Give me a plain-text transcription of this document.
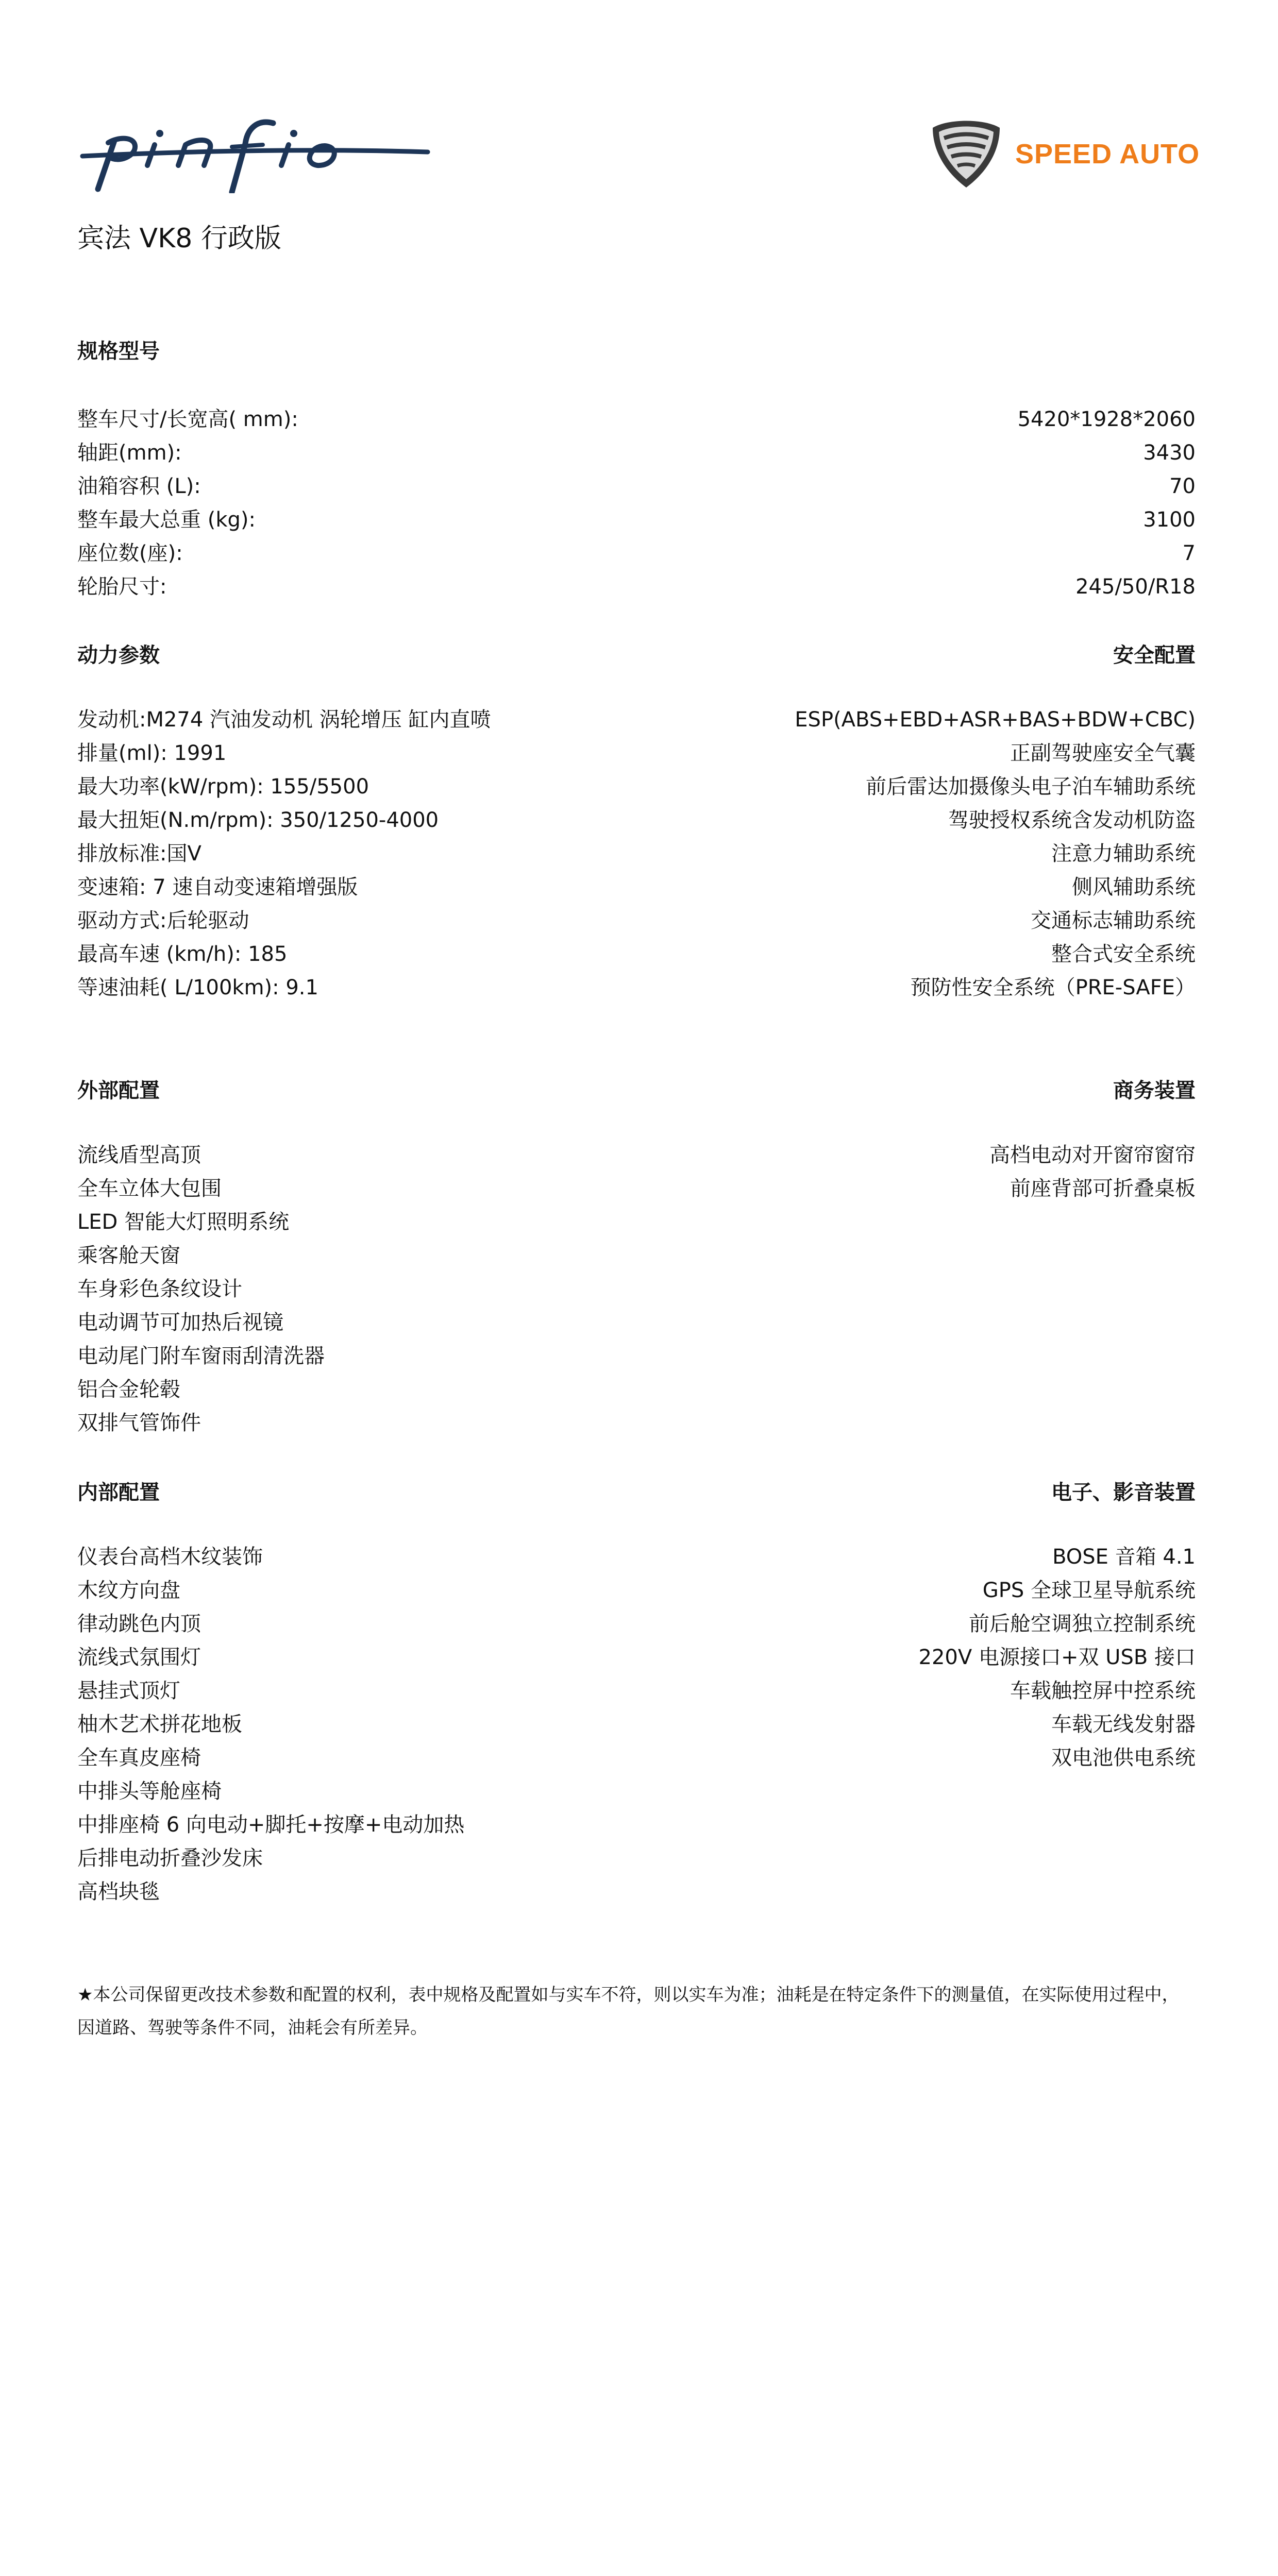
SPEED AUTO
宾法 VK8 行政版
规格型号
整车尺寸/长宽高( mm):	5420*1928*2060
轴距(mm):	3430
油箱容积 (L):	70
整车最大总重 (kg):	3100
座位数(座):	7
轮胎尺寸:	245/50/R18
动力参数	安全配置
发动机:M274 汽油发动机 涡轮增压 缸内直喷
排量(ml): 1991
最大功率(kW/rpm): 155/5500
最大扭矩(N.m/rpm): 350/1250-4000
排放标准:国Ⅴ
变速箱: 7 速自动变速箱增强版
驱动方式:后轮驱动
最高车速 (km/h): 185
等速油耗( L/100km): 9.1
ESP(ABS+EBD+ASR+BAS+BDW+CBC)
正副驾驶座安全气囊
前后雷达加摄像头电子泊车辅助系统
驾驶授权系统含发动机防盗
注意力辅助系统
侧风辅助系统
交通标志辅助系统
整合式安全系统
预防性安全系统（PRE-SAFE）
外部配置	商务装置
流线盾型高顶
全车立体大包围
LED 智能大灯照明系统
乘客舱天窗
车身彩色条纹设计
电动调节可加热后视镜
电动尾门附车窗雨刮清洗器
铝合金轮毂
双排气管饰件
高档电动对开窗帘窗帘
前座背部可折叠桌板
内部配置	电子、影音装置
仪表台高档木纹装饰
木纹方向盘
律动跳色内顶
流线式氛围灯
悬挂式顶灯
柚木艺术拼花地板
全车真皮座椅
中排头等舱座椅
中排座椅 6 向电动+脚托+按摩+电动加热
后排电动折叠沙发床
高档块毯
BOSE 音箱 4.1
GPS 全球卫星导航系统
前后舱空调独立控制系统
220V 电源接口+双 USB 接口
车载触控屏中控系统
车载无线发射器
双电池供电系统
★本公司保留更改技术参数和配置的权利，表中规格及配置如与实车不符，则以实车为准；油耗是在特定条件下的测量值，在实际使用过程中，因道路、驾驶等条件不同，油耗会有所差异。
